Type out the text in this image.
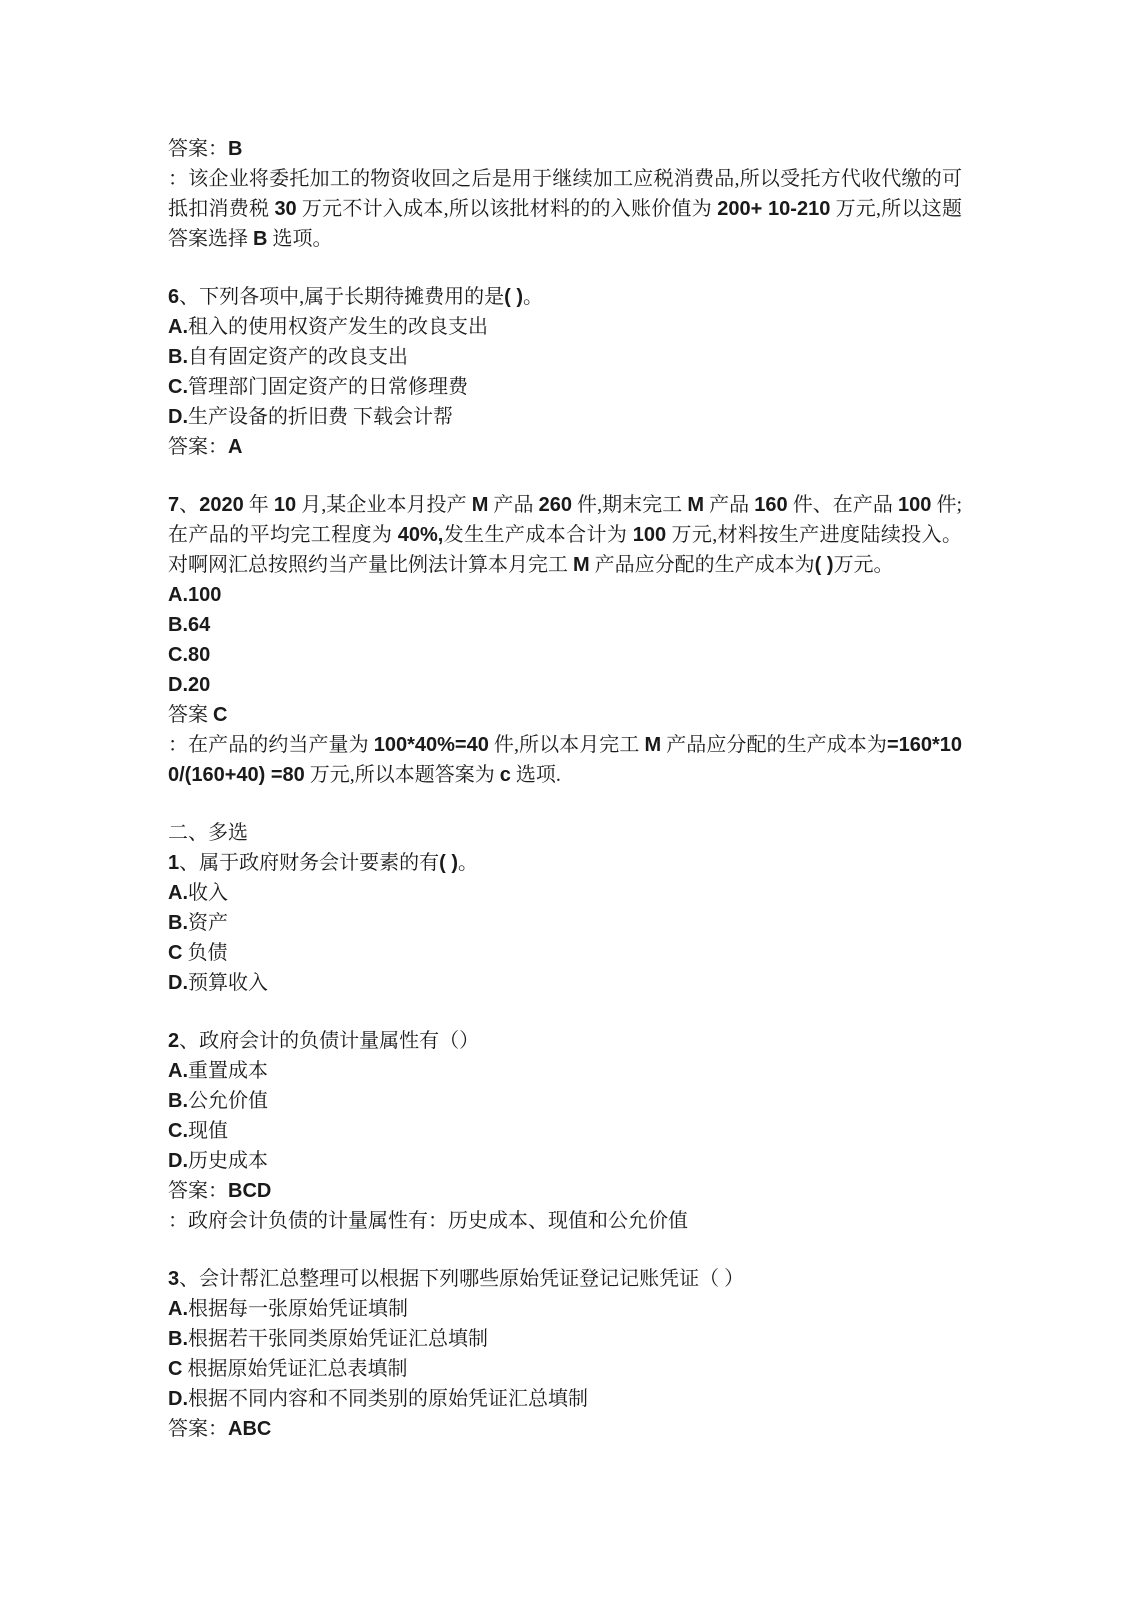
答案：B

：该企业将委托加工的物资收回之后是用于继续加工应税消费品,所以受托方代收代缴的可抵扣消费税 30 万元不计入成本,所以该批材料的的入账价值为 200+ 10-210 万元,所以这题答案选择 B 选项。

6、下列各项中,属于长期待摊费用的是( )。

A.租入的使用权资产发生的改良支出

B.自有固定资产的改良支出

C.管理部门固定资产的日常修理费

D.生产设备的折旧费 下载会计帮

答案：A

7、2020 年 10 月,某企业本月投产 M 产品 260 件,期末完工 M 产品 160 件、在产品 100 件;在产品的平均完工程度为 40%,发生生产成本合计为 100 万元,材料按生产进度陆续投入。对啊网汇总按照约当产量比例法计算本月完工 M 产品应分配的生产成本为( )万元。

A.100

B.64

C.80

D.20

答案 C

：在产品的约当产量为 100*40%=40 件,所以本月完工 M 产品应分配的生产成本为=160*100/(160+40) =80 万元,所以本题答案为 c 选项.

二、多选

1、属于政府财务会计要素的有( )。

A.收入

B.资产

C 负债

D.预算收入

2、政府会计的负债计量属性有（）

A.重置成本

B.公允价值

C.现值

D.历史成本

答案：BCD

：政府会计负债的计量属性有：历史成本、现值和公允价值

3、会计帮汇总整理可以根据下列哪些原始凭证登记记账凭证（ ）

A.根据每一张原始凭证填制

B.根据若干张同类原始凭证汇总填制

C 根据原始凭证汇总表填制

D.根据不同内容和不同类别的原始凭证汇总填制

答案：ABC
